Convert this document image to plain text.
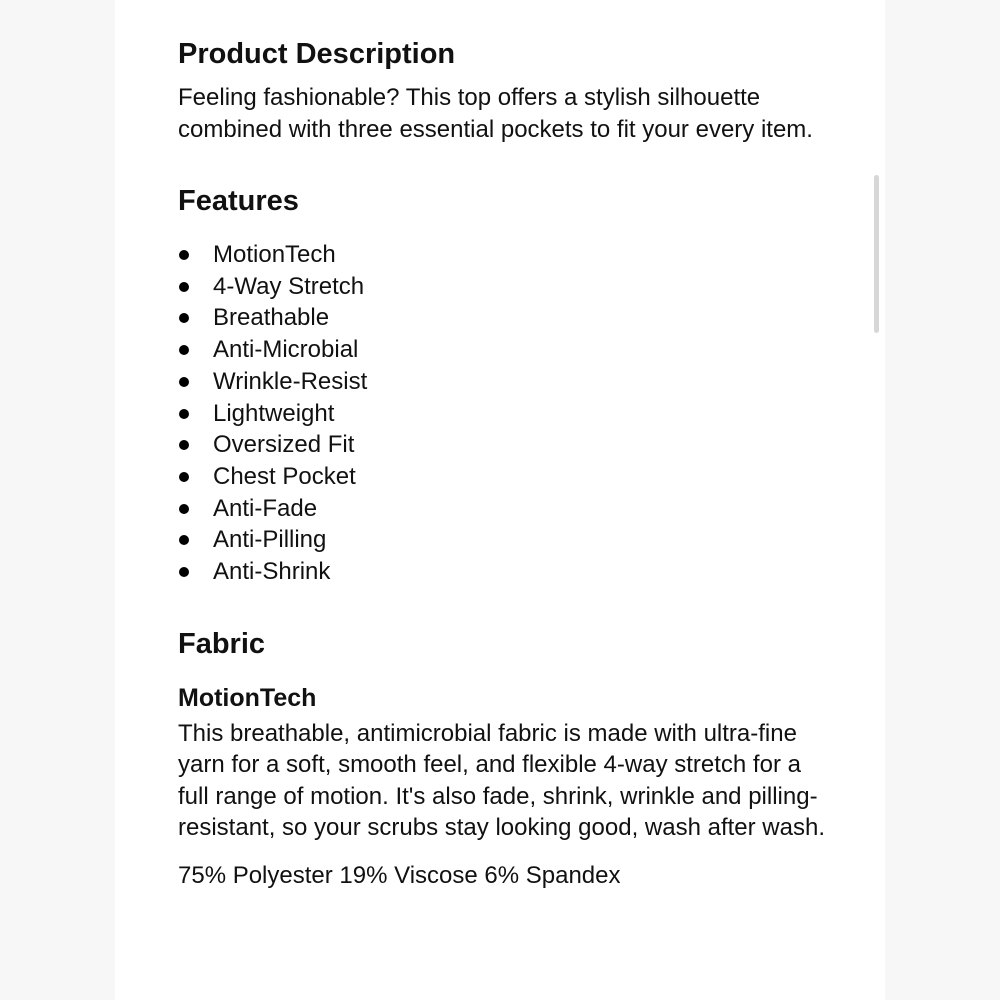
Product Description

Feeling fashionable? This top offers a stylish silhouette combined with three essential pockets to fit your every item.

Features
MotionTech
4-Way Stretch
Breathable
Anti-Microbial
Wrinkle-Resist
Lightweight
Oversized Fit
Chest Pocket
Anti-Fade
Anti-Pilling
Anti-Shrink
Fabric
MotionTech

This breathable, antimicrobial fabric is made with ultra-fine yarn for a soft, smooth feel, and flexible 4-way stretch for a full range of motion. It's also fade, shrink, wrinkle and pilling-resistant, so your scrubs stay looking good, wash after wash.

75% Polyester 19% Viscose 6% Spandex
